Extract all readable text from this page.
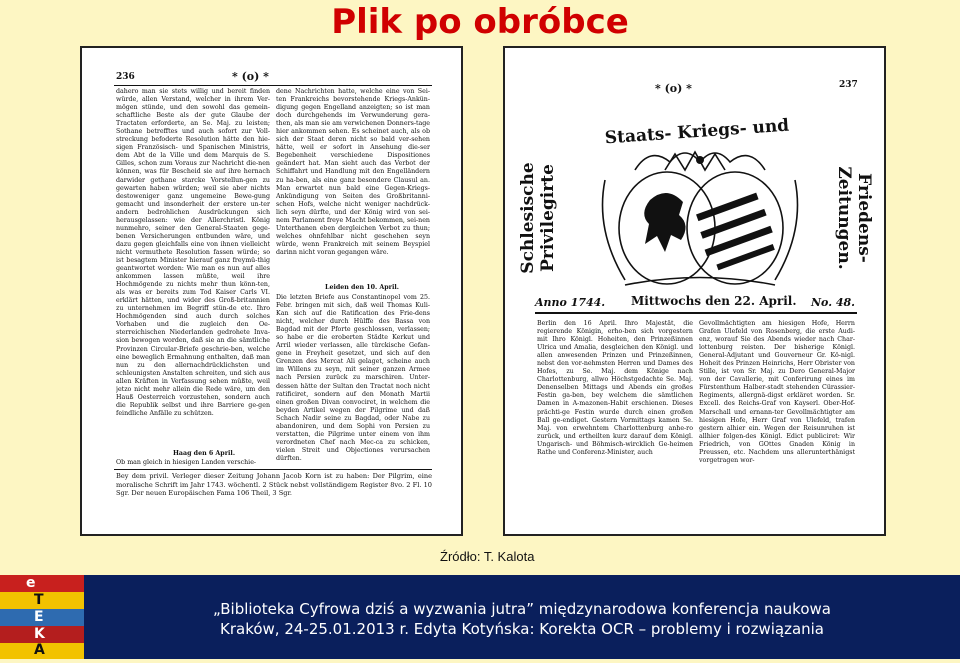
Plik po obróbce
236	* (o) *
dahero man sie stets willig und bereit finden würde, allen Verstand, welcher in ihrem Ver-mögen stünde, und den sowohl das gemein-schaftliche Beste als der gute Glaube der Tractaten erforderte, an Se. Maj. zu leisten; Sothane betrefftes und auch sofort zur Voll-streckung befoderte Resolution hätte den hie-sigen Französisch- und Spanischen Ministris, dem Abt de la Ville und dem Marquis de S. Gilles, schon zum Voraus zur Nachricht die-nen können, was für Bescheid sie auf ihre hernach darwider gethane starcke Vorstellun-gen zu gewarten haben würden; weil sie aber nichts destoweniger ganz ungemeine Bewe-gung gemacht und insonderheit der erstere un-ter andern bedrohlichen Ausdrückungen sich herausgelassen: wie der Allerchristl. König nunmehro, seiner den General-Staaten gege-benen Versicherungen entbunden wäre, und dazu gegen gleichfalls eine von ihnen vielleicht nicht vermuthete Resolution fassen würde; so ist besagtem Minister hierauf ganz freymü-thig geantwortet worden: Wie man es nun auf alles ankommen lassen müßte, weil ihre Hochmögende zu nichts mehr thun könn-ten, als was er bereits zum Tod Kaiser Carls VI. erklärt hätten, und wider des Groß-britannien zu unternehmen im Begriff stün-de etc. Ihro Hochmögenden sind auch durch solches Vorhaben und die zugleich den Oe-sterreichischen Niederlanden gedrohete Inva-sion bewogen worden, daß sie an die sämtliche Provinzen Circular-Briefe geschrie-ben, welche eine beweglich Ermahnung enthalten, daß man nun zu den allernachdrücklichsten und schleunigsten Anstalten schreiten, und sich aus allen Kräften in Verfassung sehen müßte, weil jetzo nicht mehr allein die Rede wäre, um den Hauß Oesterreich vorzustehen, sondern auch die Republik selbst und ihre Barriere ge-gen feindliche Anfälle zu schützen.
Haag den 6 April.
Ob man gleich in hiesigen Landen verschie-
dene Nachrichten hatte, welche eine von Sei-ten Frankreichs bevorstehende Kriegs-Ankün-digung gegen Engelland anzeigten; so ist man doch durchgehends im Verwunderung gera-then, als man sie am verwichenen Donners-tage hier ankommen sehen. Es scheinet auch, als ob sich der Staat deren nicht so bald ver-sehen hätte, weil er sofort in Ansehung die-ser Begebenheit verschiedene Dispositiones geändert hat. Man sieht auch das Verbot der Schiffahrt und Handlung mit den Engelländern zu ha-ben, als eine ganz besondere Clausul an. Man erwartet nun bald eine Gegen-Kriegs-Ankündigung von Seiten des Großbritanni-schen Hofs, welche nicht weniger nachdrück-lich seyn dürfte, und der König wird von sei-nem Parlament freye Macht bekommen, sei-nen Unterthanen eben dergleichen Verbot zu thun; welches ohnfehlbar nicht geschehen seyn würde, wenn Frankreich mit seinem Beyspiel darinn nicht voran gegangen wäre.
Leiden den 10. April.
Die letzten Briefe aus Constantinopel vom 25. Febr. bringen mit sich, daß weil Thomas Kuli-Kan sich auf die Ratification des Frie-dens nicht, welcher durch Hülffe des Bassa von Bagdad mit der Pforte geschlossen, verlassen; so habe er die eroberten Städte Kerkut und Arril wieder verlassen, alle türckische Gefan-gene in Freyheit gesetzet, und sich auf den Grenzen des Mercat Ali gelaget, scheine auch im Willens zu seyn, mit seiner ganzen Armee nach Persien zurück zu marschiren. Unter-dessen hätte der Sultan den Tractat noch nicht ratificiret, sondern auf den Monath Martii einen großen Divan convociret, in welchem die beyden Artikel wegen der Pilgrime und daß Schach Nadir seine zu Bagdad, oder Nabe zu abandoniren, und dem Sophi von Persien zu verstatten, die Pilgrime unter einem von ihm verordneten Chef nach Mec-ca zu schicken, vielen Streit und Objectiones verursachen dürften.
Bey dem privil. Verleger dieser Zeitung Johann Jacob Korn ist zu haben: Der Pilgrim, eine moralische Schrift im Jahr 1743. wöchentl. 2 Stück nebst vollständigem Register 8vo. 2 Fl. 10 Sgr. Der neuen Europäischen Fama 106 Theil, 3 Sgr.
* (o) *	237
Schlesische Privilegirte
Staats- Kriegs- und
Friedens- Zeitungen.
Anno 1744. Mittwochs den 22. April. No. 48.
Berlin den 16 April. Ihro Majestät, die regierende Königin, erho-ben sich vorgestern mit Ihro Königl. Hoheiten, den Prinzeßinnen Ulrica und Amalia, desgleichen den Königl. und allen anwesenden Prinzen und Prinzeßinnen, nebst den vor-nehmsten Herren und Dames des Hofes, zu Se. Maj. dem Könige nach Charlottenburg, allwo Höchstgedachte Se. Maj. Denenselben Mittags und Abends ein großes Festin ga-ben, bey welchem die sämtlichen Damen in A-mazonen-Habit erschienen. Dieses prächti-ge Festin wurde durch einen großen Ball ge-endiget. Gestern Vormittags kamen Se. Maj. von erwehntem Charlottenburg anhe-ro zurück, und ertheilten kurz darauf dem Königl. Ungarisch- und Böhmisch-wircklich Ge-heimen Rathe und Conferenz-Minister, auch
Gevollmächtigten am hiesigen Hofe, Herrn Grafen Ulefeld von Rosenberg, die erste Audi-enz, worauf Sie des Abends wieder nach Char-lottenburg reisten. Der bisherige Königl. General-Adjutant und Gouverneur Gr. Kö-nigl. Hoheit des Prinzen Heinrichs, Herr Obrister von Stille, ist von Sr. Maj. zu Dero General-Major von der Cavallerie, mit Conferirung eines im Fürstenthum Halber-stadt stehenden Cürassier-Regiments, allergnä-digst erkläret worden. Sr. Excell. des Reichs-Graf von Kayserl. Ober-Hof-Marschall und ernann-ter Gevollmächtigter am hiesigen Hofe, Herr Graf von Ulefeld, trafen gestern alhier ein. Wegen der Reisunruhen ist allhier folgen-des Königl. Edict publiciret: Wir Friedrich, von GOttes Gnaden König in Preussen, etc. Nachdem uns allerunterthänigst vorgetragen wor-
Źródło: T. Kalota
e
T
E
K
A
„Biblioteka Cyfrowa dziś a wyzwania jutra” międzynarodowa konferencja naukowa
Kraków, 24-25.01.2013 r. Edyta Kotyńska: Korekta OCR – problemy i rozwiązania
